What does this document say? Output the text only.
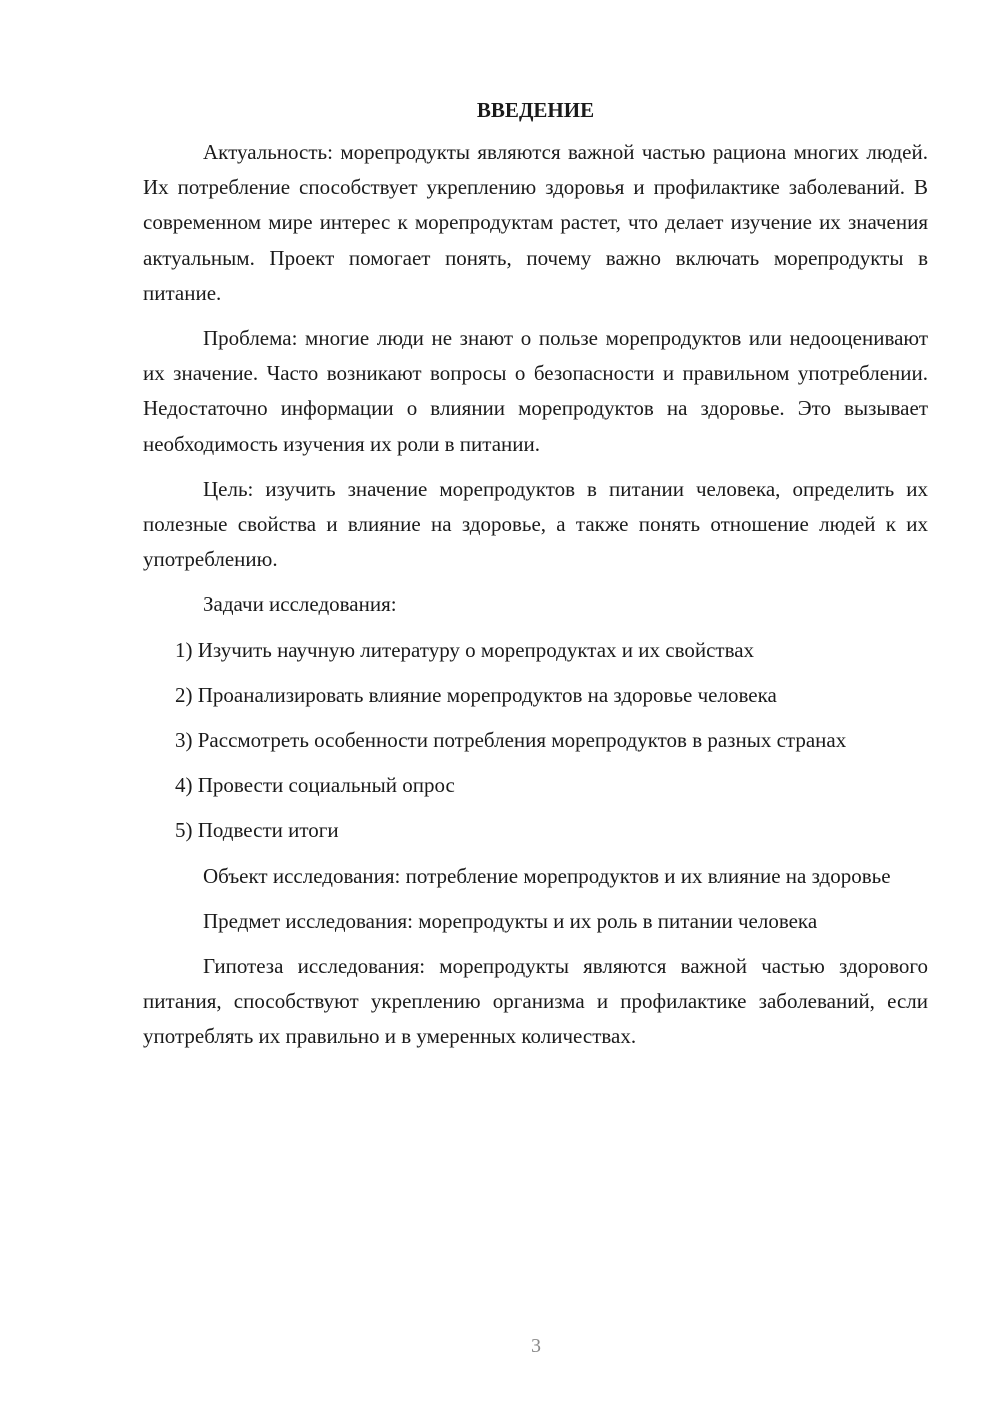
ВВЕДЕНИЕ

Актуальность: морепродукты являются важной частью рациона многих людей. Их потребление способствует укреплению здоровья и профилактике заболеваний. В современном мире интерес к морепродуктам растет, что делает изучение их значения актуальным. Проект помогает понять, почему важно включать морепродукты в питание.

Проблема: многие люди не знают о пользе морепродуктов или недооценивают их значение. Часто возникают вопросы о безопасности и правильном употреблении. Недостаточно информации о влиянии морепродуктов на здоровье. Это вызывает необходимость изучения их роли в питании.

Цель: изучить значение морепродуктов в питании человека, определить их полезные свойства и влияние на здоровье, а также понять отношение людей к их употреблению.

Задачи исследования:

1) Изучить научную литературу о морепродуктах и их свойствах

2) Проанализировать влияние морепродуктов на здоровье человека

3) Рассмотреть особенности потребления морепродуктов в разных странах

4) Провести социальный опрос

5) Подвести итоги

Объект исследования: потребление морепродуктов и их влияние на здоровье

Предмет исследования: морепродукты и их роль в питании человека

Гипотеза исследования: морепродукты являются важной частью здорового питания, способствуют укреплению организма и профилактике заболеваний, если употреблять их правильно и в умеренных количествах.

3
